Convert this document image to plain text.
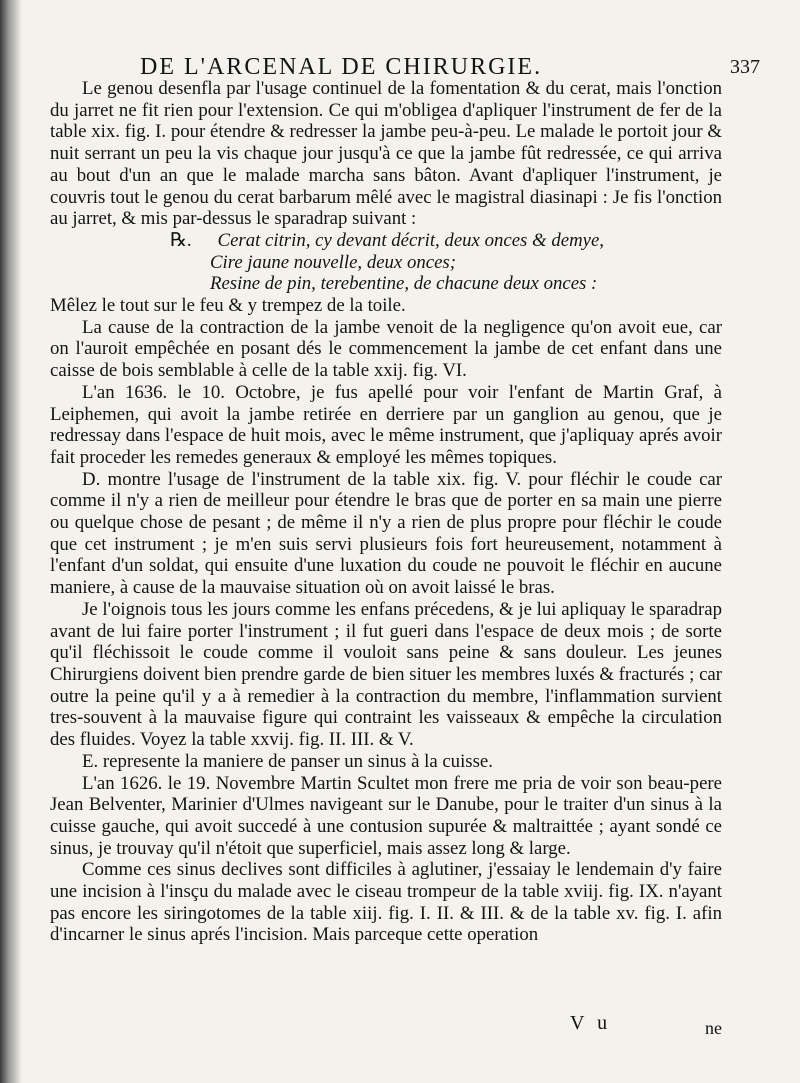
DE L'ARCENAL DE CHIRURGIE.	337

Le genou desenfla par l'usage continuel de la fomentation & du cerat, mais l'onction du jarret ne fit rien pour l'extension. Ce qui m'obligea d'apliquer l'instrument de fer de la table xix. fig. I. pour étendre & redresser la jambe peu-à-peu. Le malade le portoit jour & nuit serrant un peu la vis chaque jour jusqu'à ce que la jambe fût redressée, ce qui arriva au bout d'un an que le malade marcha sans bâton. Avant d'apliquer l'instrument, je couvris tout le genou du cerat barbarum mêlé avec le magistral diasinapi : Je fis l'onction au jarret, & mis par-dessus le sparadrap suivant :

℞. Cerat citrin, cy devant décrit, deux onces & demye,
Cire jaune nouvelle, deux onces;
Resine de pin, terebentine, de chacune deux onces :

Mêlez le tout sur le feu & y trempez de la toile.

La cause de la contraction de la jambe venoit de la negligence qu'on avoit eue, car on l'auroit empêchée en posant dés le commencement la jambe de cet enfant dans une caisse de bois semblable à celle de la table xxij. fig. VI.

L'an 1636. le 10. Octobre, je fus apellé pour voir l'enfant de Martin Graf, à Leiphemen, qui avoit la jambe retirée en derriere par un ganglion au genou, que je redressay dans l'espace de huit mois, avec le même instrument, que j'apliquay aprés avoir fait proceder les remedes generaux & employé les mêmes topiques.

D. montre l'usage de l'instrument de la table xix. fig. V. pour fléchir le coude car comme il n'y a rien de meilleur pour étendre le bras que de porter en sa main une pierre ou quelque chose de pesant ; de même il n'y a rien de plus propre pour fléchir le coude que cet instrument ; je m'en suis servi plusieurs fois fort heureusement, notamment à l'enfant d'un soldat, qui ensuite d'une luxation du coude ne pouvoit le fléchir en aucune maniere, à cause de la mauvaise situation où on avoit laissé le bras.

Je l'oignois tous les jours comme les enfans précedens, & je lui apliquay le sparadrap avant de lui faire porter l'instrument ; il fut gueri dans l'espace de deux mois ; de sorte qu'il fléchissoit le coude comme il vouloit sans peine & sans douleur. Les jeunes Chirurgiens doivent bien prendre garde de bien situer les membres luxés & fracturés ; car outre la peine qu'il y a à remedier à la contraction du membre, l'inflammation survient tres-souvent à la mauvaise figure qui contraint les vaisseaux & empêche la circulation des fluides. Voyez la table xxvij. fig. II. III. & V.

E. represente la maniere de panser un sinus à la cuisse.

L'an 1626. le 19. Novembre Martin Scultet mon frere me pria de voir son beau-pere Jean Belventer, Marinier d'Ulmes navigeant sur le Danube, pour le traiter d'un sinus à la cuisse gauche, qui avoit succedé à une contusion supurée & maltraittée ; ayant sondé ce sinus, je trouvay qu'il n'étoit que superficiel, mais assez long & large.

Comme ces sinus declives sont difficiles à aglutiner, j'essaiay le lendemain d'y faire une incision à l'insçu du malade avec le ciseau trompeur de la table xviij. fig. IX. n'ayant pas encore les siringotomes de la table xiij. fig. I. II. & III. & de la table xv. fig. I. afin d'incarner le sinus aprés l'incision. Mais parceque cette operation

V u	ne
